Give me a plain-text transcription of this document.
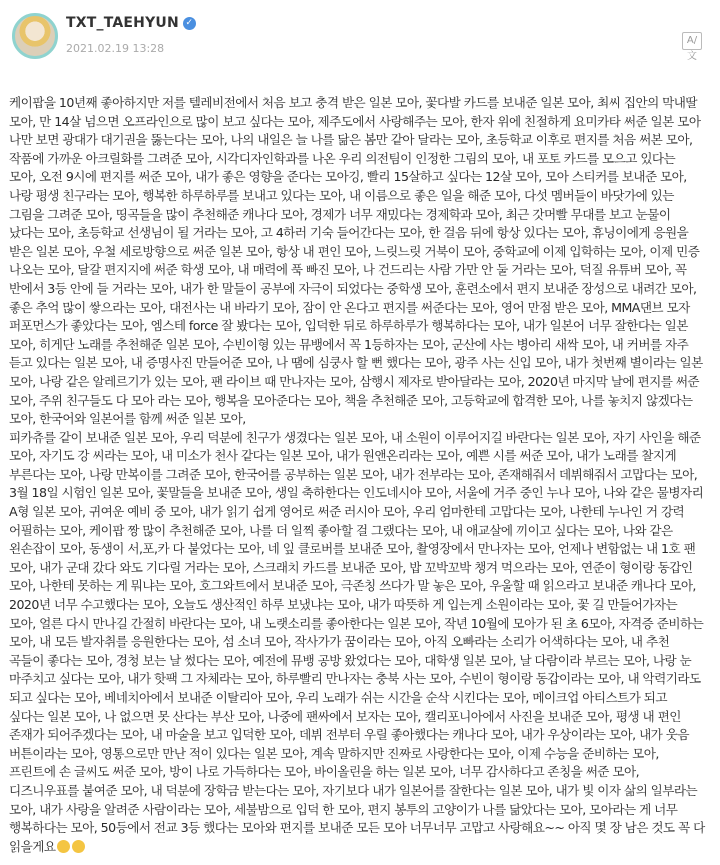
TXT_TAEHYUN ✓
2021.02.19 13:28
A/文
케이팝을 10년째 좋아하지만 저를 텔레비전에서 처음 보고 충격 받은 일본 모아, 꽃다발 카드를 보내준 일본 모아, 최씨 집안의 막내딸
모아, 만 14살 넘으면 오프라인으로 많이 보고 싶다는 모아, 제주도에서 사랑해주는 모아, 한자 위에 친절하게 요미카타 써준 일본 모아
나만 보면 광대가 대기권을 뚫는다는 모아, 나의 내일은 늘 나를 닮은 봄만 같아 달라는 모아, 초등학교 이후로 편지를 처음 써본 모아,
작품에 가까운 아크릴화를 그려준 모아, 시각디자인학과를 나온 우리 의전팀이 인정한 그림의 모아, 내 포토 카드를 모으고 있다는
모아, 오전 9시에 편지를 써준 모아, 내가 좋은 영향을 준다는 모아깅, 빨리 15살하고 싶다는 12살 모아, 모아 스티커를 보내준 모아,
나랑 평생 친구라는 모아, 행복한 하루하루를 보내고 있다는 모아, 내 이름으로 좋은 일을 해준 모아, 다섯 멤버들이 바닷가에 있는
그림을 그려준 모아, 띵곡들을 많이 추천해준 캐나다 모아, 경제가 너무 재밌다는 경제학과 모아, 최근 갓머빨 무대를 보고 눈물이
났다는 모아, 초등학교 선생님이 될 거라는 모아, 고 4하러 기숙 들어간다는 모아, 한 걸음 뒤에 항상 있다는 모아, 휴닝이에게 응원을
받은 일본 모아, 우철 세로방향으로 써준 일본 모아, 항상 내 편인 모아, 느릿느릿 거북이 모아, 중학교에 이제 입학하는 모아, 이제 민증
나오는 모아, 달갈 편지지에 써준 학생 모아, 내 매력에 푹 빠진 모아, 나 건드리는 사람 가만 안 둘 거라는 모아, 덕질 유튜버 모아, 꼭
반에서 3등 안에 들 거라는 모아, 내가 한 말들이 공부에 자극이 되었다는 중학생 모아, 훈련소에서 편지 보내준 장성으로 내려간 모아,
좋은 추억 많이 쌓으라는 모아, 대전사는 내 바라기 모아, 잠이 안 온다고 편지를 써준다는 모아, 영어 만점 받은 모아, MMA댄브 모자
퍼포먼스가 좋았다는 모아, 엠스테 force 잘 봤다는 모아, 입덕한 뒤로 하루하루가 행복하다는 모아, 내가 일본어 너무 잘한다는 일본
모아, 히게단 노래를 추천해준 일본 모아, 수빈이형 있는 뮤뱅에서 꼭 1등하자는 모아, 군산에 사는 병아리 새싹 모아, 내 커버를 자주
듣고 있다는 일본 모아, 내 증명사진 만들어준 모아, 나 땜에 심쿵사 할 뻔 했다는 모아, 광주 사는 신입 모아, 내가 첫번째 별이라는 일본
모아, 나랑 같은 알레르기가 있는 모아, 팬 라이브 때 만나자는 모아, 삼행시 제자로 받아달라는 모아, 2020년 마지막 날에 편지를 써준
모아, 주위 친구들도 다 모아 라는 모아, 행복을 모아준다는 모아, 책을 추천해준 모아, 고등학교에 합격한 모아, 나를 놓치지 않겠다는
모아, 한국어와 일본어를 함께 써준 일본 모아,
피카츄를 같이 보내준 일본 모아, 우리 덕분에 친구가 생겼다는 일본 모아, 내 소원이 이루어지길 바란다는 일본 모아, 자기 사인을 해준
모아, 자기도 강 씨라는 모아, 내 미소가 천사 같다는 일본 모아, 내가 원앤온리라는 모아, 예쁜 시를 써준 모아, 내가 노래를 찰지게
부른다는 모아, 나랑 만복이를 그려준 모아, 한국어를 공부하는 일본 모아, 내가 전부라는 모아, 존재해줘서 데뷔해줘서 고맙다는 모아,
3월 18일 시험인 일본 모아, 꽃말들을 보내준 모아, 생일 축하한다는 인도네시아 모아, 서울에 거주 중인 누나 모아, 나와 같은 물병자리
A형 일본 모아, 귀여운 예비 중 모아, 내가 읽기 쉽게 영어로 써준 러시아 모아, 우리 엄마한테 고맙다는 모아, 나한테 누나인 거 강력
어필하는 모아, 케이팝 짱 많이 추천해준 모아, 나를 더 일찍 좋아할 걸 그랬다는 모아, 내 애교살에 끼이고 싶다는 모아, 나와 같은
왼손잡이 모아, 동생이 서,포,카 다 붙었다는 모아, 네 잎 클로버를 보내준 모아, 촬영장에서 만나자는 모아, 언제나 변함없는 내 1호 팬
모아, 내가 군대 갔다 와도 기다릴 거라는 모아, 스크래치 카드를 보내준 모아, 밥 꼬박꼬박 챙겨 먹으라는 모아, 연준이 형이랑 동갑인
모아, 나한테 못하는 게 뭐냐는 모아, 호그와트에서 보내준 모아, 극존칭 쓰다가 말 놓은 모아, 우울할 때 읽으라고 보내준 캐나다 모아,
2020년 너무 수고했다는 모아, 오늘도 생산적인 하루 보냈냐는 모아, 내가 따뜻하 게 입는게 소원이라는 모아, 꽃 길 만들어가자는
모아, 얼른 다시 만나길 간절히 바란다는 모아, 내 노랫소리를 좋아한다는 일본 모아, 작년 10월에 모아가 된 초 6모아, 자격증 준비하는
모아, 내 모든 발자취를 응원한다는 모아, 섬 소녀 모아, 작사가가 꿈이라는 모아, 아직 오빠라는 소리가 어색하다는 모아, 내 추천
곡들이 좋다는 모아, 경청 보는 날 썼다는 모아, 예전에 뮤뱅 공방 왔었다는 모아, 대학생 일본 모아, 날 다람이라 부르는 모아, 나랑 눈
마주치고 싶다는 모아, 내가 핫팩 그 자체라는 모아, 하루빨리 만나자는 충북 사는 모아, 수빈이 형이랑 동갑이라는 모아, 내 악력기라도
되고 싶다는 모아, 베네치아에서 보내준 이탈리아 모아, 우리 노래가 쉬는 시간을 순삭 시킨다는 모아, 메이크업 아티스트가 되고
싶다는 일본 모아, 나 없으면 못 산다는 부산 모아, 나중에 팬싸에서 보자는 모아, 캘리포니아에서 사진을 보내준 모아, 평생 내 편인
존재가 되어주겠다는 모아, 내 마술을 보고 입덕한 모아, 데뷔 전부터 우릴 좋아했다는 캐나다 모아, 내가 우상이라는 모아, 내가 웃음
버튼이라는 모아, 영통으로만 만난 적이 있다는 일본 모아, 계속 말하지만 진짜로 사랑한다는 모아, 이제 수능을 준비하는 모아,
프린트에 손 글씨도 써준 모아, 방이 나로 가득하다는 모아, 바이올린을 하는 일본 모아, 너무 감사하다고 존칭을 써준 모아,
디즈니우표를 붙여준 모아, 내 덕분에 장학금 받는다는 모아, 자기보다 내가 일본어를 잘한다는 일본 모아, 내가 빛 이자 삶의 일부라는
모아, 내가 사랑을 알려준 사람이라는 모아, 세불밤으로 입덕 한 모아, 편지 봉투의 고양이가 나를 닮았다는 모아, 모아라는 게 너무
행복하다는 모아, 50등에서 전교 3등 했다는 모아와 편지를 보내준 모든 모아 너무너무 고맙고 사랑해요~~ 아직 몇 장 남은 것도 꼭 다
읽을게요
